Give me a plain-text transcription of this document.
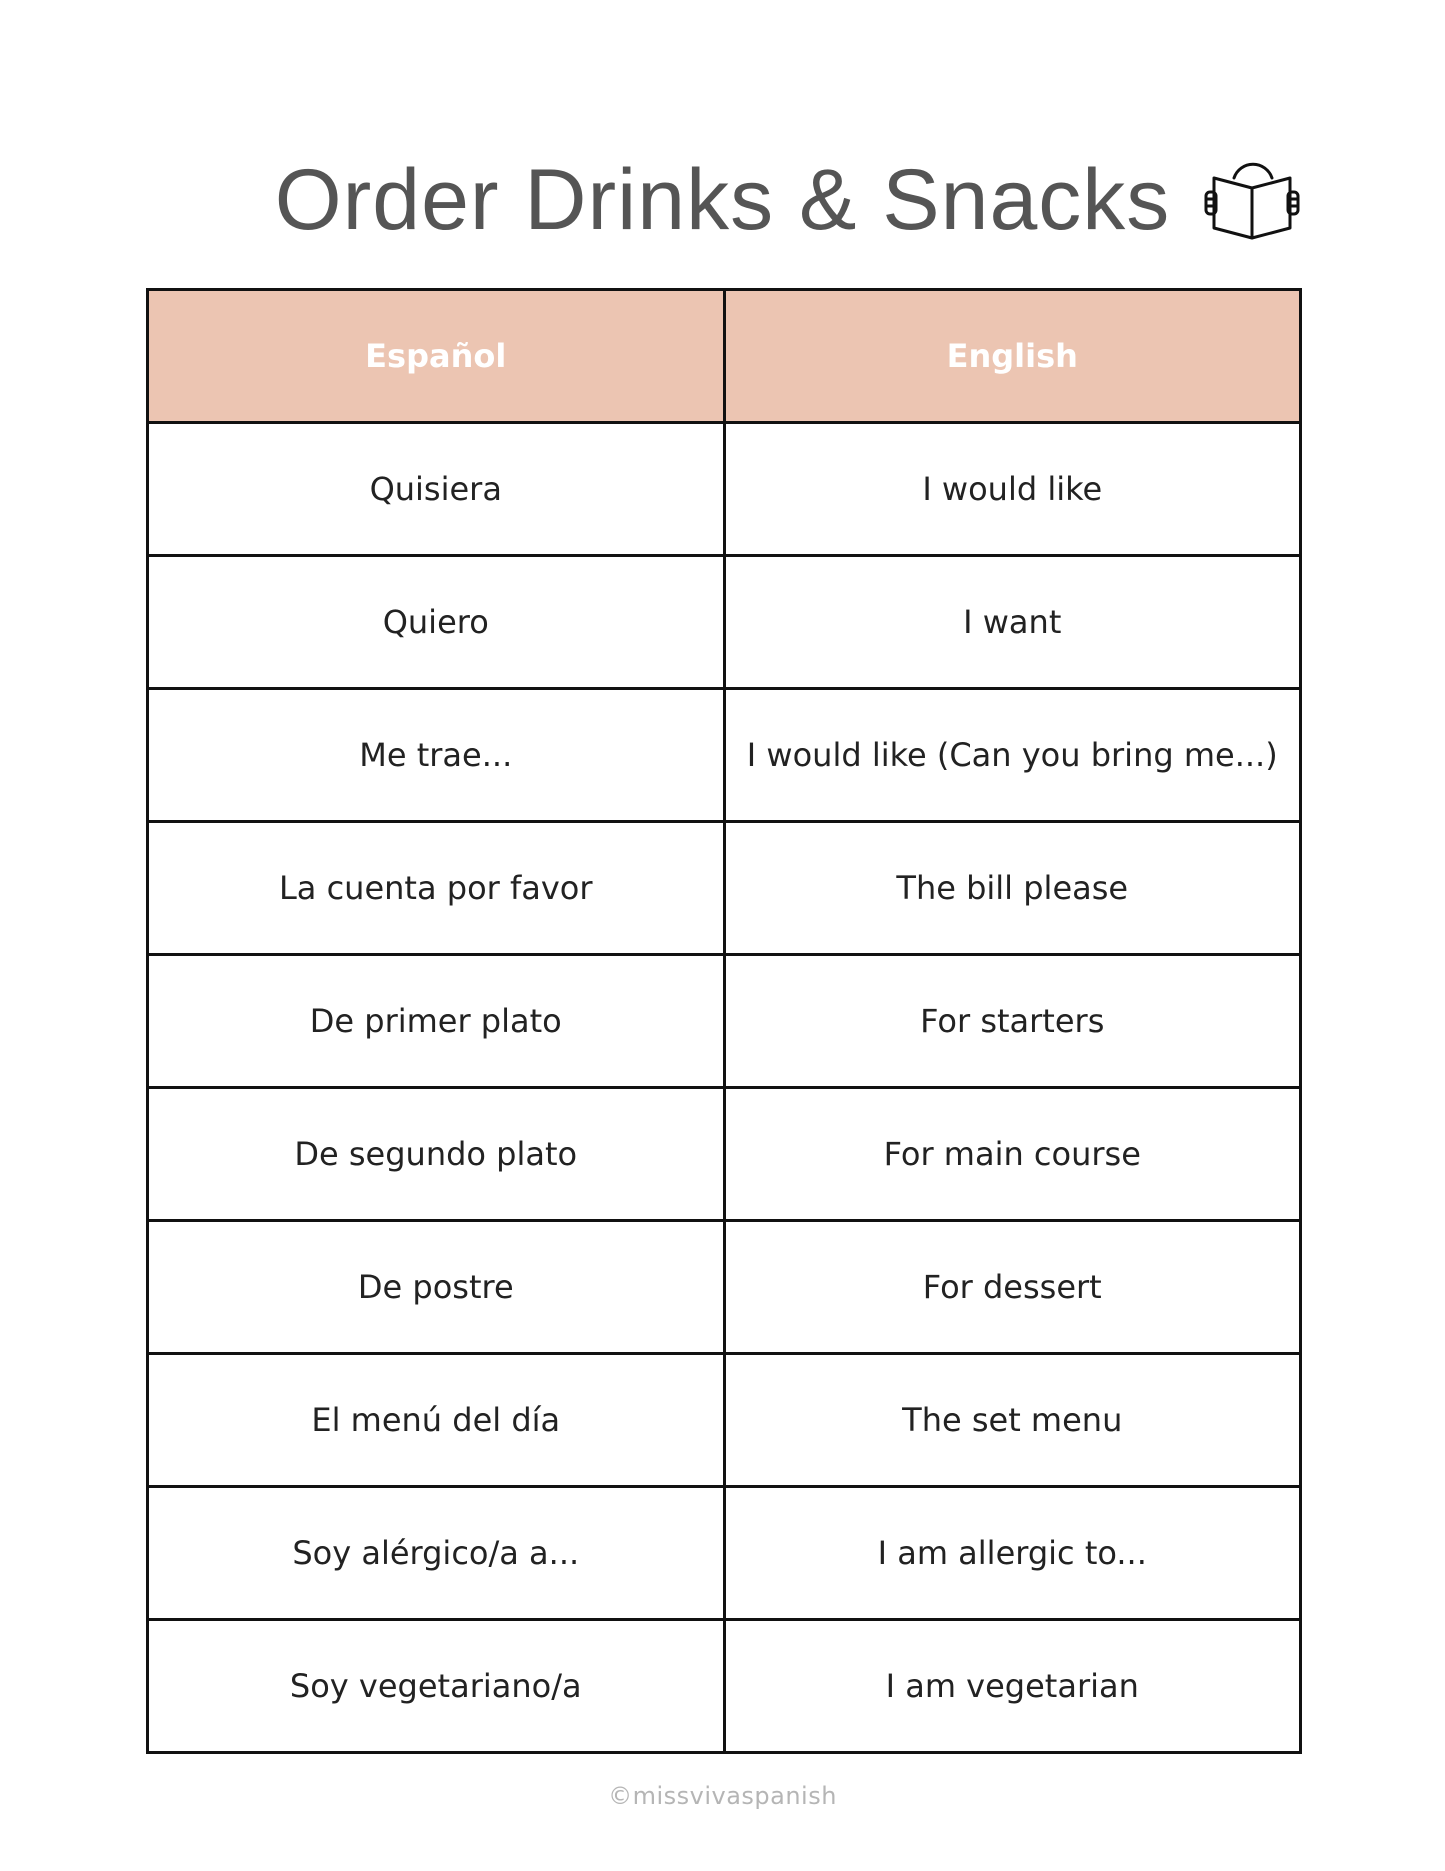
Order Drinks & Snacks
Español	English
Quisiera	I would like
Quiero	I want
Me trae...	I would like (Can you bring me...)
La cuenta por favor	The bill please
De primer plato	For starters
De segundo plato	For main course
De postre	For dessert
El menú del día	The set menu
Soy alérgico/a a...	I am allergic to...
Soy vegetariano/a	I am vegetarian
©missvivaspanish
